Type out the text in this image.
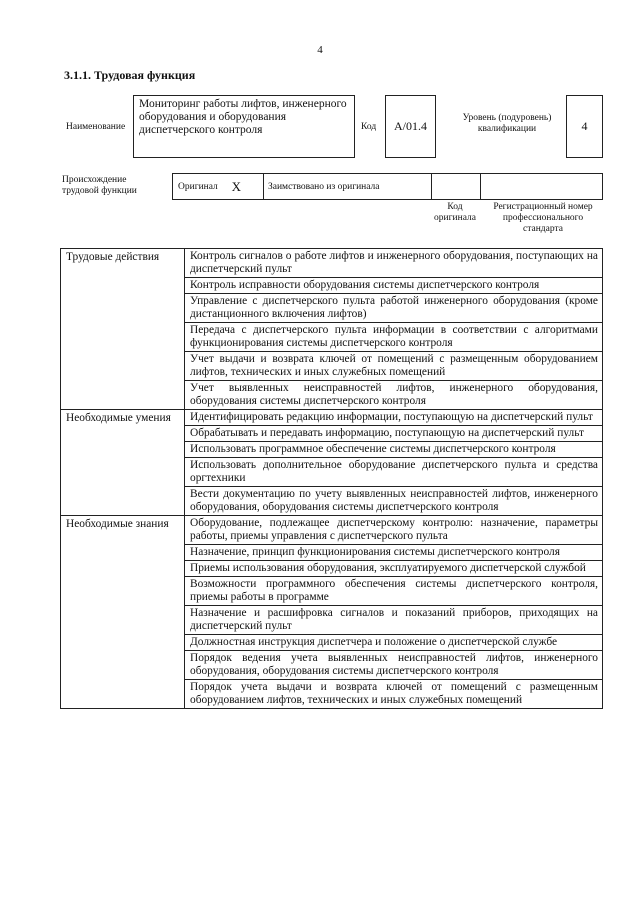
4
3.1.1. Трудовая функция
Наименование
Мониторинг работы лифтов, инженерного оборудования и оборудования диспетчерского контроля	Код	А/01.4
Уровень (подуровень) квалификации	4
Происхождение трудовой функции	Оригинал X	Заимствовано из оригинала
Код оригинала
Регистрационный номер профессионального стандарта
Трудовые действия	Контроль сигналов о работе лифтов и инженерного оборудования, поступающих на диспетчерский пульт
	Контроль исправности оборудования системы диспетчерского контроля
	Управление с диспетчерского пульта работой инженерного оборудования (кроме дистанционного включения лифтов)
	Передача с диспетчерского пульта информации в соответствии с алгоритмами функционирования системы диспетчерского контроля
	Учет выдачи и возврата ключей от помещений с размещенным оборудованием лифтов, технических и иных служебных помещений
	Учет выявленных неисправностей лифтов, инженерного оборудования, оборудования системы диспетчерского контроля
Необходимые умения	Идентифицировать редакцию информации, поступающую на диспетчерский пульт
	Обрабатывать и передавать информацию, поступающую на диспетчерский пульт
	Использовать программное обеспечение системы диспетчерского контроля
	Использовать дополнительное оборудование диспетчерского пульта и средства оргтехники
	Вести документацию по учету выявленных неисправностей лифтов, инженерного оборудования, оборудования системы диспетчерского контроля
Необходимые знания	Оборудование, подлежащее диспетчерскому контролю: назначение, параметры работы, приемы управления с диспетчерского пульта
	Назначение, принцип функционирования системы диспетчерского контроля
	Приемы использования оборудования, эксплуатируемого диспетчерской службой
	Возможности программного обеспечения системы диспетчерского контроля, приемы работы в программе
	Назначение и расшифровка сигналов и показаний приборов, приходящих на диспетчерский пульт
	Должностная инструкция диспетчера и положение о диспетчерской службе
	Порядок ведения учета выявленных неисправностей лифтов, инженерного оборудования, оборудования системы диспетчерского контроля
	Порядок учета выдачи и возврата ключей от помещений с размещенным оборудованием лифтов, технических и иных служебных помещений
